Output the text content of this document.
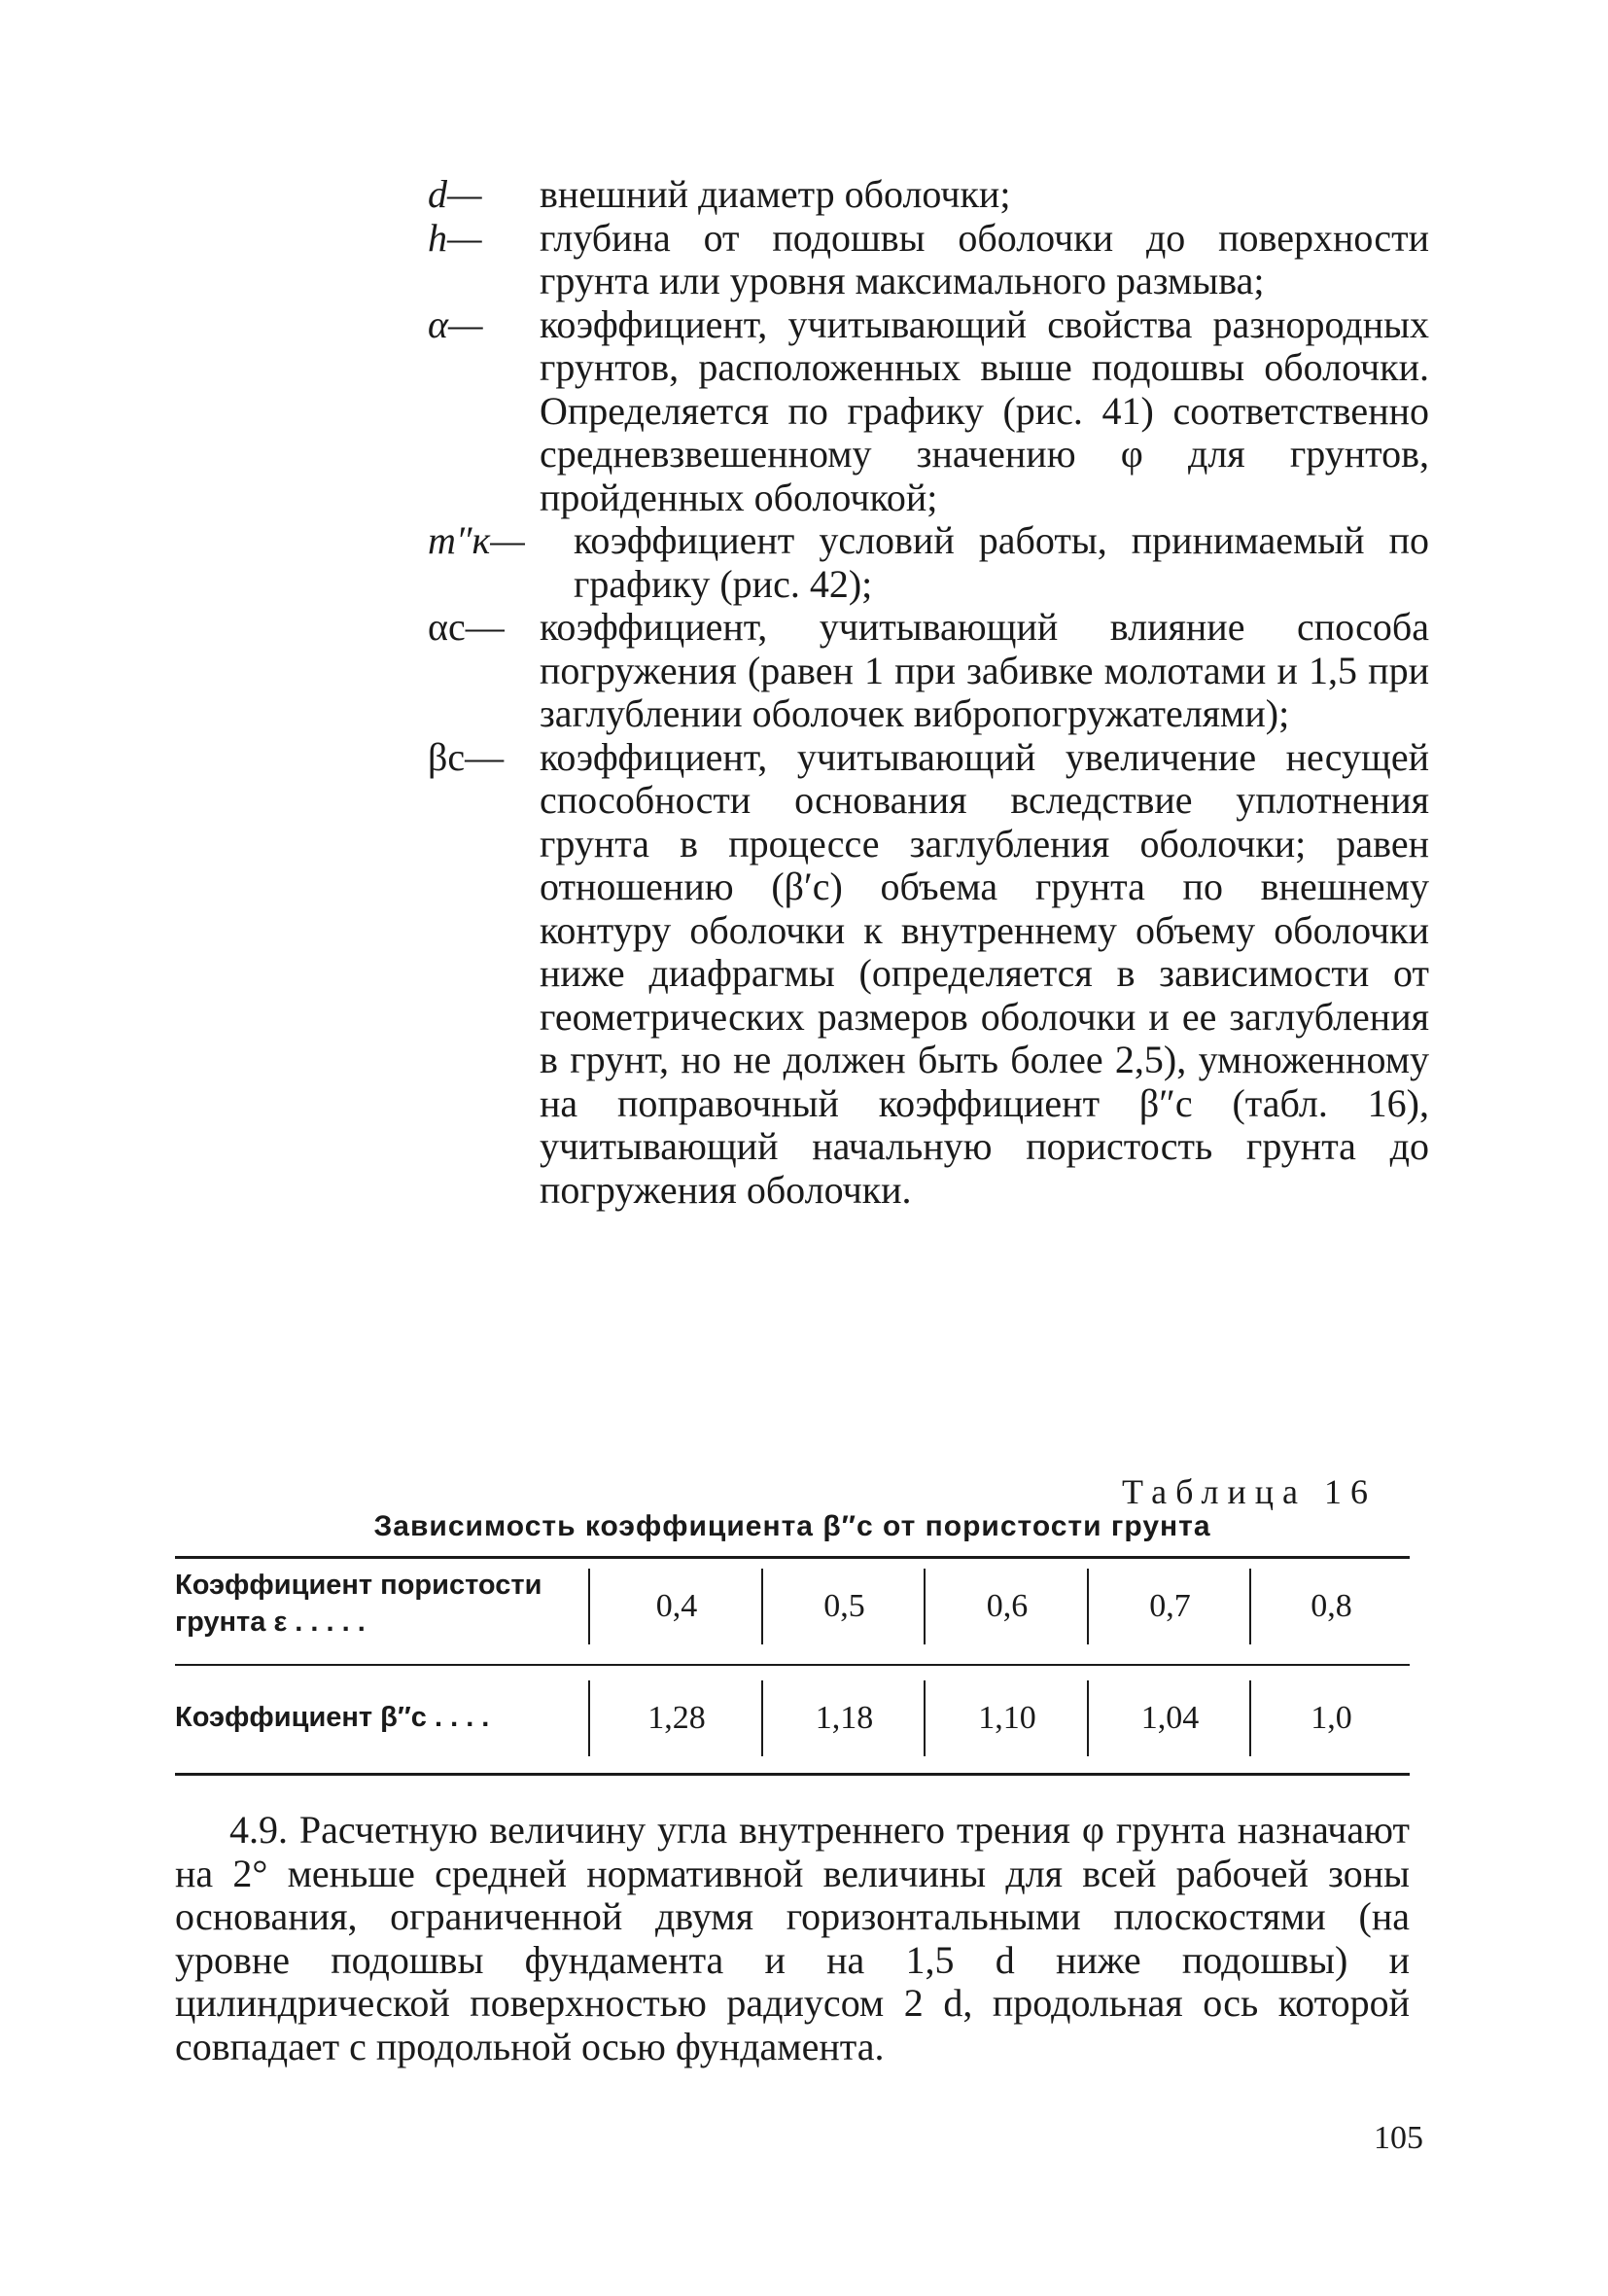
d—	внешний диаметр оболочки;
h—	глубина от подошвы оболочки до поверхности грунта или уровня максимального размыва;
α—	коэффициент, учитывающий свойства разнородных грунтов, расположенных выше подошвы оболочки. Определяется по графику (рис. 41) соответственно средневзвешенному значению φ для грунтов, пройденных оболочкой;
m″к—	коэффициент условий работы, принимаемый по графику (рис. 42);
αс— коэффициент, учитывающий влияние способа погружения (равен 1 при забивке молотами и 1,5 при заглублении оболочек вибропогружателями);
βс— коэффициент, учитывающий увеличение несущей способности основания вследствие уплотнения грунта в процессе заглубления оболочки; равен отношению (β′с) объема грунта по внешнему контуру оболочки к внутреннему объему оболочки ниже диафрагмы (определяется в зависимости от геометрических размеров оболочки и ее заглубления в грунт, но не должен быть более 2,5), умноженному на поправочный коэффициент β″с (табл. 16), учитывающий начальную пористость грунта до погружения оболочки.
Таблица 16
Зависимость коэффициента β″с от пористости грунта
Коэффициент пористости грунта ε . . . . .	0,4	0,5	0,6	0,7	0,8
Коэффициент β″с . . . .	1,28	1,18	1,10	1,04	1,0
4.9. Расчетную величину угла внутреннего трения φ грунта назначают на 2° меньше средней нормативной величины для всей рабочей зоны основания, ограниченной двумя горизонтальными плоскостями (на уровне подошвы фундамента и на 1,5 d ниже подошвы) и цилиндрической поверхностью радиусом 2 d, продольная ось которой совпадает с продольной осью фундамента.
105
